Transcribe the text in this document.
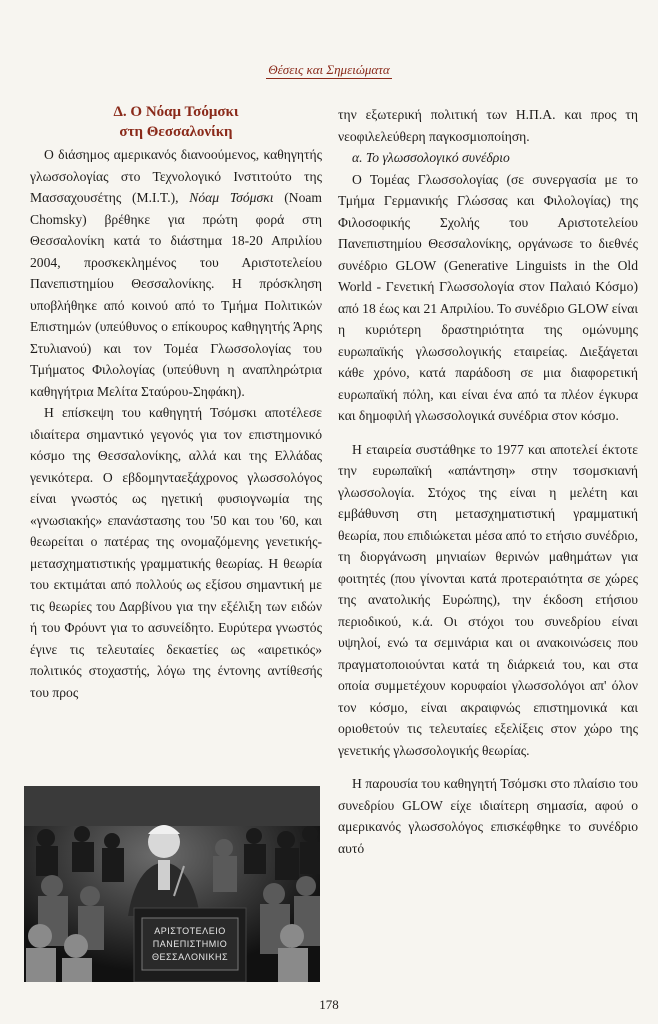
Θέσεις και Σημειώματα
Δ. Ο Νόαμ Τσόμσκι
στη Θεσσαλονίκη

Ο διάσημος αμερικανός διανοούμενος, καθηγητής γλωσσολογίας στο Τεχνολογικό Ινστιτούτο της Μασσαχουσέτης (Μ.Ι.Τ.), Νόαμ Τσόμσκι (Noam Chomsky) βρέθηκε για πρώτη φορά στη Θεσσαλονίκη κατά το διάστημα 18-20 Απριλίου 2004, προσκεκλημένος του Αριστοτελείου Πανεπιστημίου Θεσσαλονίκης. Η πρόσκληση υποβλήθηκε από κοινού από το Τμήμα Πολιτικών Επιστημών (υπεύθυνος ο επίκουρος καθηγητής Άρης Στυλιανού) και τον Τομέα Γλωσσολογίας του Τμήματος Φιλολογίας (υπεύθυνη η αναπληρώτρια καθηγήτρια Μελίτα Σταύρου-Σηφάκη).

Η επίσκεψη του καθηγητή Τσόμσκι αποτέλεσε ιδιαίτερα σημαντικό γεγονός για τον επιστημονικό κόσμο της Θεσσαλονίκης, αλλά και της Ελλάδας γενικότερα. Ο εβδομηνταεξάχρονος γλωσσολόγος είναι γνωστός ως ηγετική φυσιογνωμία της «γνωσιακής» επανάστασης του '50 και του '60, και θεωρείται ο πατέρας της ονομαζόμενης γενετικής-μετασχηματιστικής γραμματικής θεωρίας. Η θεωρία του εκτιμάται από πολλούς ως εξίσου σημαντική με τις θεωρίες του Δαρβίνου για την εξέλιξη των ειδών ή του Φρόυντ για το ασυνείδητο. Ευρύτερα γνωστός έγινε τις τελευταίες δεκαετίες ως «αιρετικός» πολιτικός στοχαστής, λόγω της έντονης αντίθεσής του προς

ΑΡΙΣΤΟΤΕΛΕΙΟ
ΠΑΝΕΠΙΣΤΗΜΙΟ
ΘΕΣΣΑΛΟΝΙΚΗΣ

την εξωτερική πολιτική των Η.Π.Α. και προς τη νεοφιλελεύθερη παγκοσμιοποίηση.

α. Το γλωσσολογικό συνέδριο

Ο Τομέας Γλωσσολογίας (σε συνεργασία με το Τμήμα Γερμανικής Γλώσσας και Φιλολογίας) της Φιλοσοφικής Σχολής του Αριστοτελείου Πανεπιστημίου Θεσσαλονίκης, οργάνωσε το διεθνές συνέδριο GLOW (Generative Linguists in the Old World - Γενετική Γλωσσολογία στον Παλαιό Κόσμο) από 18 έως και 21 Απριλίου. Το συνέδριο GLOW είναι η κυριότερη δραστηριότητα της ομώνυμης ευρωπαϊκής γλωσσολογικής εταιρείας. Διεξάγεται κάθε χρόνο, κατά παράδοση σε μια διαφορετική ευρωπαϊκή πόλη, και είναι ένα από τα πλέον έγκυρα και δημοφιλή γλωσσολογικά συνέδρια στον κόσμο.

Η εταιρεία συστάθηκε το 1977 και αποτελεί έκτοτε την ευρωπαϊκή «απάντηση» στην τσομσκιανή γλωσσολογία. Στόχος της είναι η μελέτη και εμβάθυνση στη μετασχηματιστική γραμματική θεωρία, που επιδιώκεται μέσα από το ετήσιο συνέδριο, τη διοργάνωση μηνιαίων θερινών μαθημάτων για φοιτητές (που γίνονται κατά προτεραιότητα σε χώρες της ανατολικής Ευρώπης), την έκδοση ετήσιου περιοδικού, κ.ά. Οι στόχοι του συνεδρίου είναι υψηλοί, ενώ τα σεμινάρια και οι ανακοινώσεις που πραγματοποιούνται κατά τη διάρκειά του, και στα οποία συμμετέχουν κορυφαίοι γλωσσολόγοι απ' όλον τον κόσμο, είναι ακραιφνώς επιστημονικά και οριοθετούν τις τελευταίες εξελίξεις στον χώρο της γενετικής γλωσσολογικής θεωρίας.

Η παρουσία του καθηγητή Τσόμσκι στο πλαίσιο του συνεδρίου GLOW είχε ιδιαίτερη σημασία, αφού ο αμερικανός γλωσσολόγος επισκέφθηκε το συνέδριο αυτό

178
